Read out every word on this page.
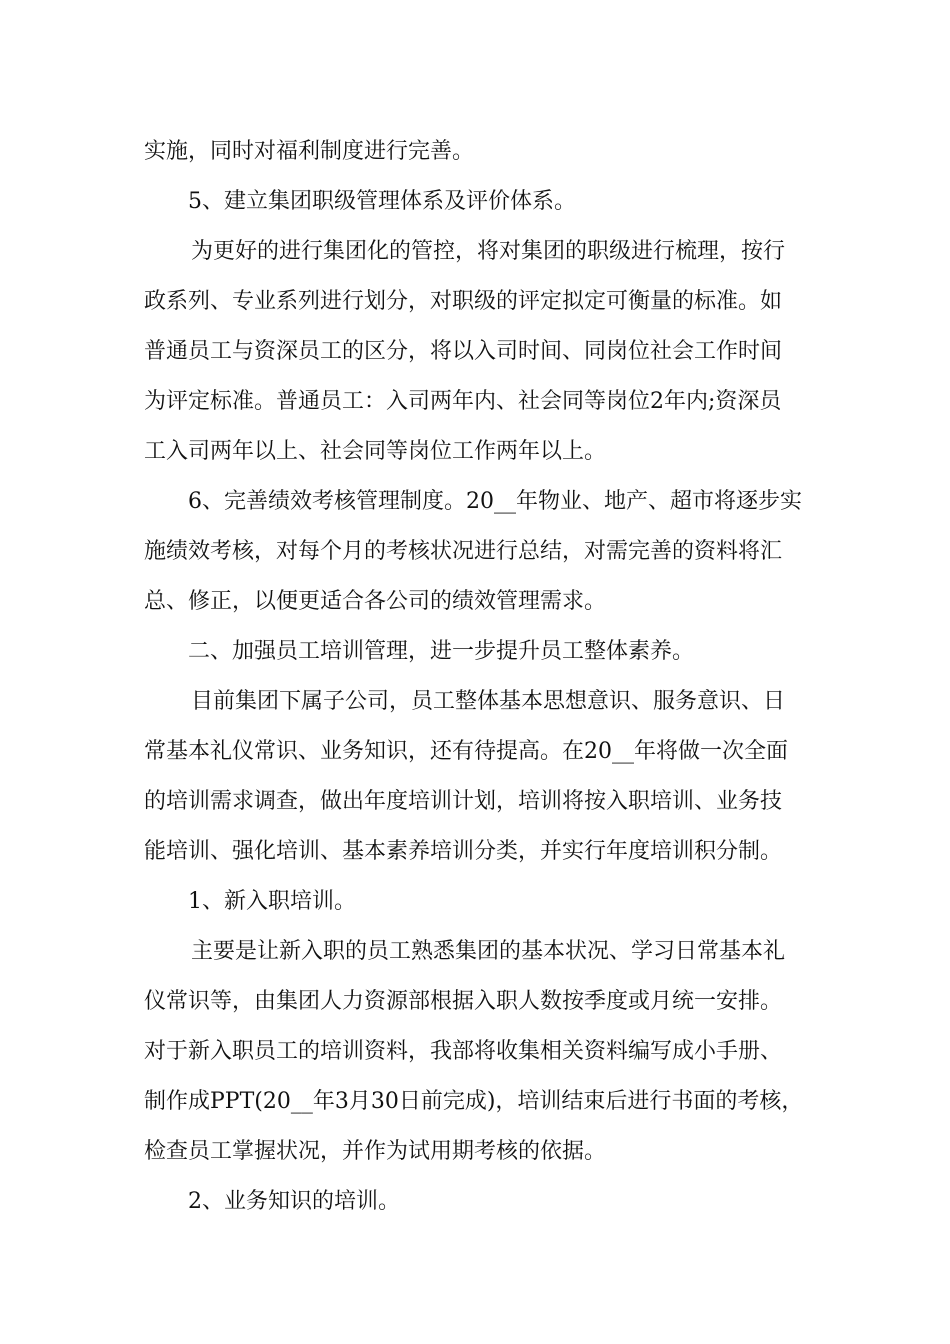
实施，同时对福利制度进行完善。
5、建立集团职级管理体系及评价体系。
为更好的进行集团化的管控，将对集团的职级进行梳理，按行
政系列、专业系列进行划分，对职级的评定拟定可衡量的标准。如
普通员工与资深员工的区分，将以入司时间、同岗位社会工作时间
为评定标准。普通员工：入司两年内、社会同等岗位2年内;资深员
工入司两年以上、社会同等岗位工作两年以上。
6、完善绩效考核管理制度。20__年物业、地产、超市将逐步实
施绩效考核，对每个月的考核状况进行总结，对需完善的资料将汇
总、修正，以便更适合各公司的绩效管理需求。
二、加强员工培训管理，进一步提升员工整体素养。
目前集团下属子公司，员工整体基本思想意识、服务意识、日
常基本礼仪常识、业务知识，还有待提高。在20__年将做一次全面
的培训需求调查，做出年度培训计划，培训将按入职培训、业务技
能培训、强化培训、基本素养培训分类，并实行年度培训积分制。
1、新入职培训。
主要是让新入职的员工熟悉集团的基本状况、学习日常基本礼
仪常识等，由集团人力资源部根据入职人数按季度或月统一安排。
对于新入职员工的培训资料，我部将收集相关资料编写成小手册、
制作成PPT(20__年3月30日前完成)，培训结束后进行书面的考核，
检查员工掌握状况，并作为试用期考核的依据。
2、业务知识的培训。
